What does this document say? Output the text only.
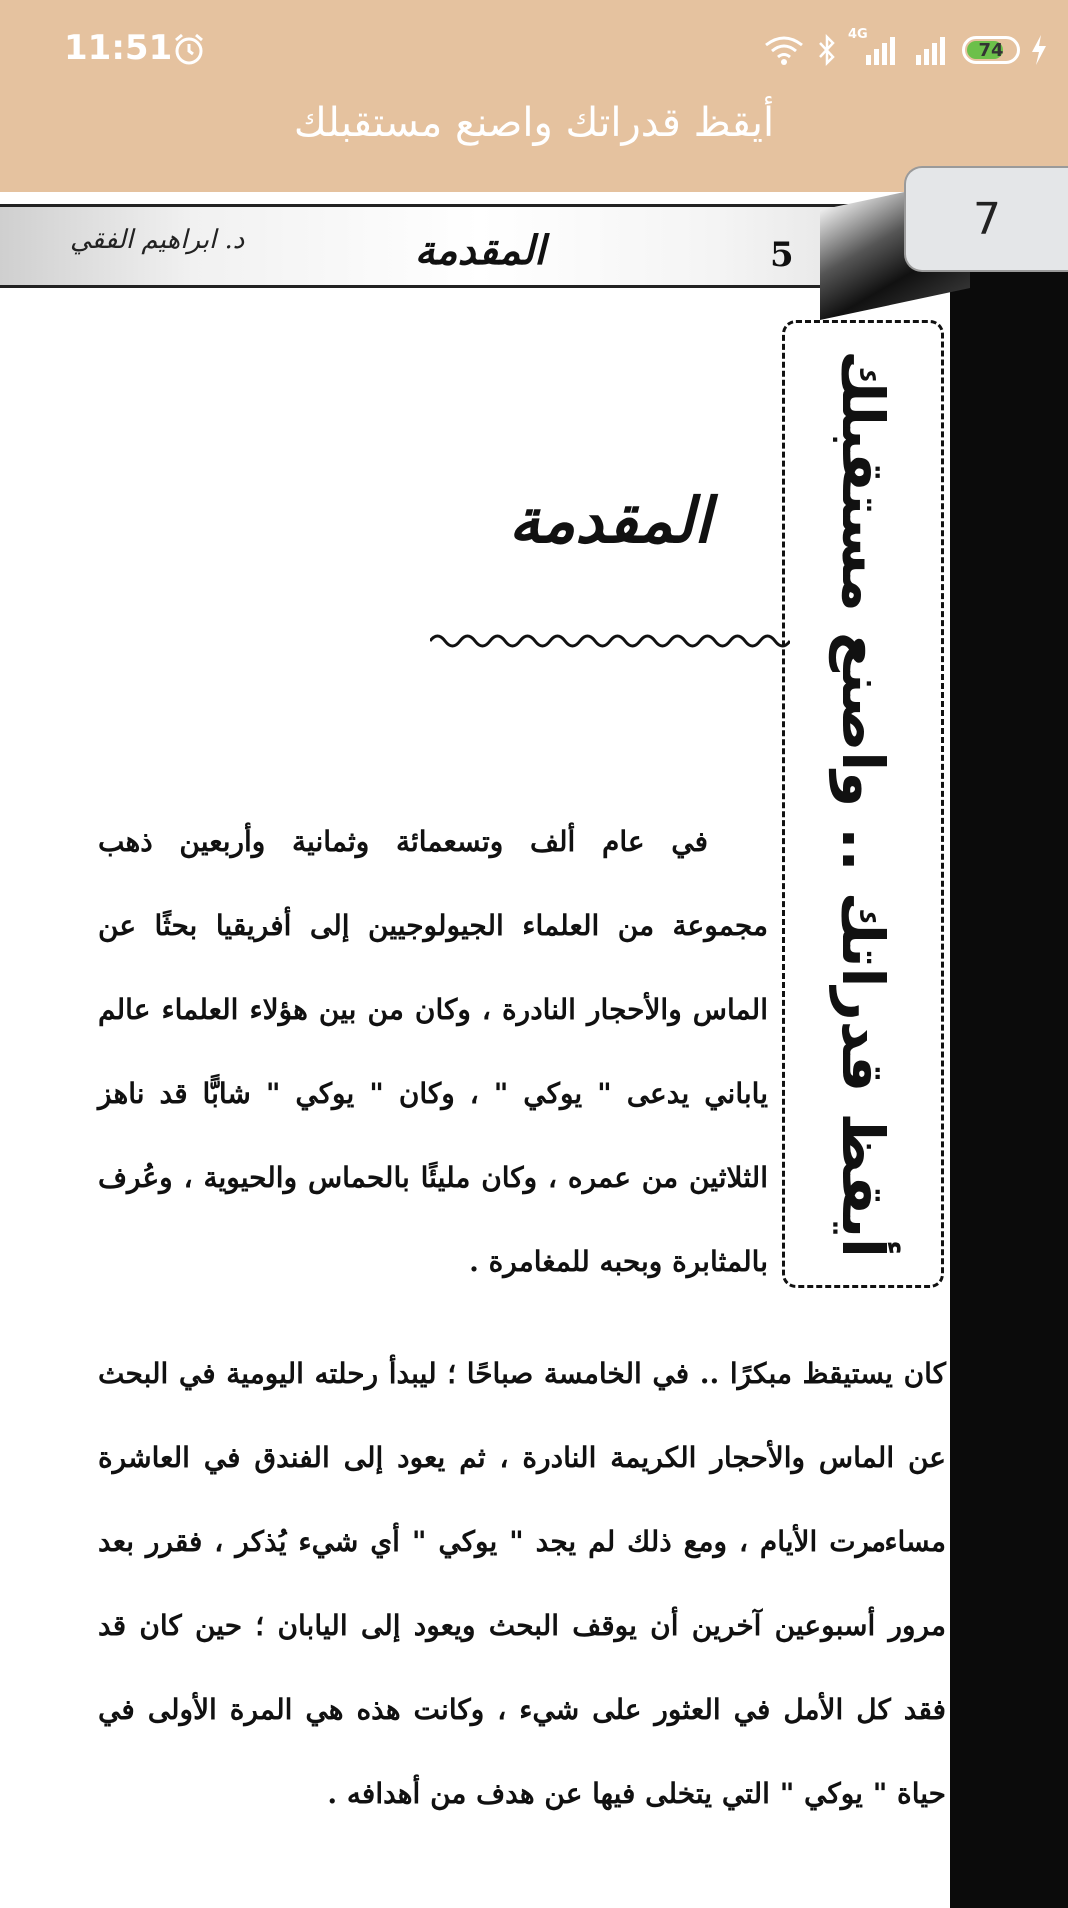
11:51	4G
74
أيقظ قدراتك واصنع مستقبلك
د. ابراهيم الفقي	المقدمة	5
أيقظ قدراتك .. واصنع مستقبلك
المقدمة

في عام ألف وتسعمائة وثمانية وأربعين ذهب مجموعة من العلماء الجيولوجيين إلى أفريقيا بحثًا عن الماس والأحجار النادرة ، وكان من بين هؤلاء العلماء عالم ياباني يدعى " يوكي " ، وكان " يوكي " شابًّا قد ناهز الثلاثين من عمره ، وكان مليئًا بالحماس والحيوية ، وعُرف بالمثابرة وبحبه للمغامرة .

كان يستيقظ مبكرًا .. في الخامسة صباحًا ؛ ليبدأ رحلته اليومية في البحث عن الماس والأحجار الكريمة النادرة ، ثم يعود إلى الفندق في العاشرة مساء .

مرت الأيام ، ومع ذلك لم يجد " يوكي " أي شيء يُذكر ، فقرر بعد مرور أسبوعين آخرين أن يوقف البحث ويعود إلى اليابان ؛ حين كان قد فقد كل الأمل في العثور على شيء ، وكانت هذه هي المرة الأولى في حياة " يوكي " التي يتخلى فيها عن هدف من أهدافه .

7
